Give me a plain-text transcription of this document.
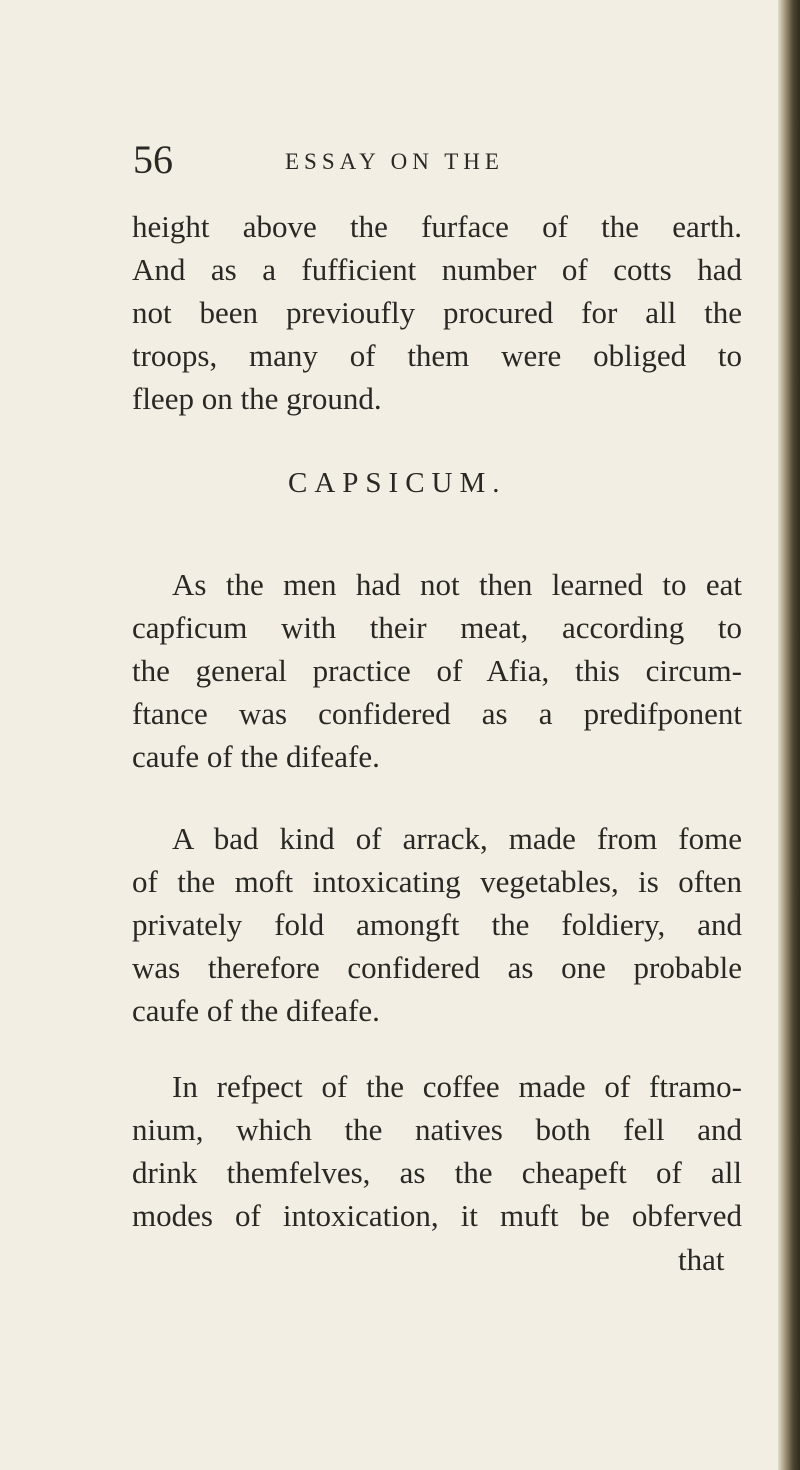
56	ESSAY ON THE

height above the furface of the earth.
And as a fufficient number of cotts had
not been previoufly procured for all the
troops, many of them were obliged to
fleep on the ground.

CAPSICUM.

As the men had not then learned to eat
capficum with their meat, according to
the general practice of Afia, this circum-
ftance was confidered as a predifponent
caufe of the difeafe.

A bad kind of arrack, made from fome
of the moft intoxicating vegetables, is often
privately fold amongft the foldiery, and
was therefore confidered as one probable
caufe of the difeafe.

In refpect of the coffee made of ftramo-
nium, which the natives both fell and
drink themfelves, as the cheapeft of all
modes of intoxication, it muft be obferved

that
